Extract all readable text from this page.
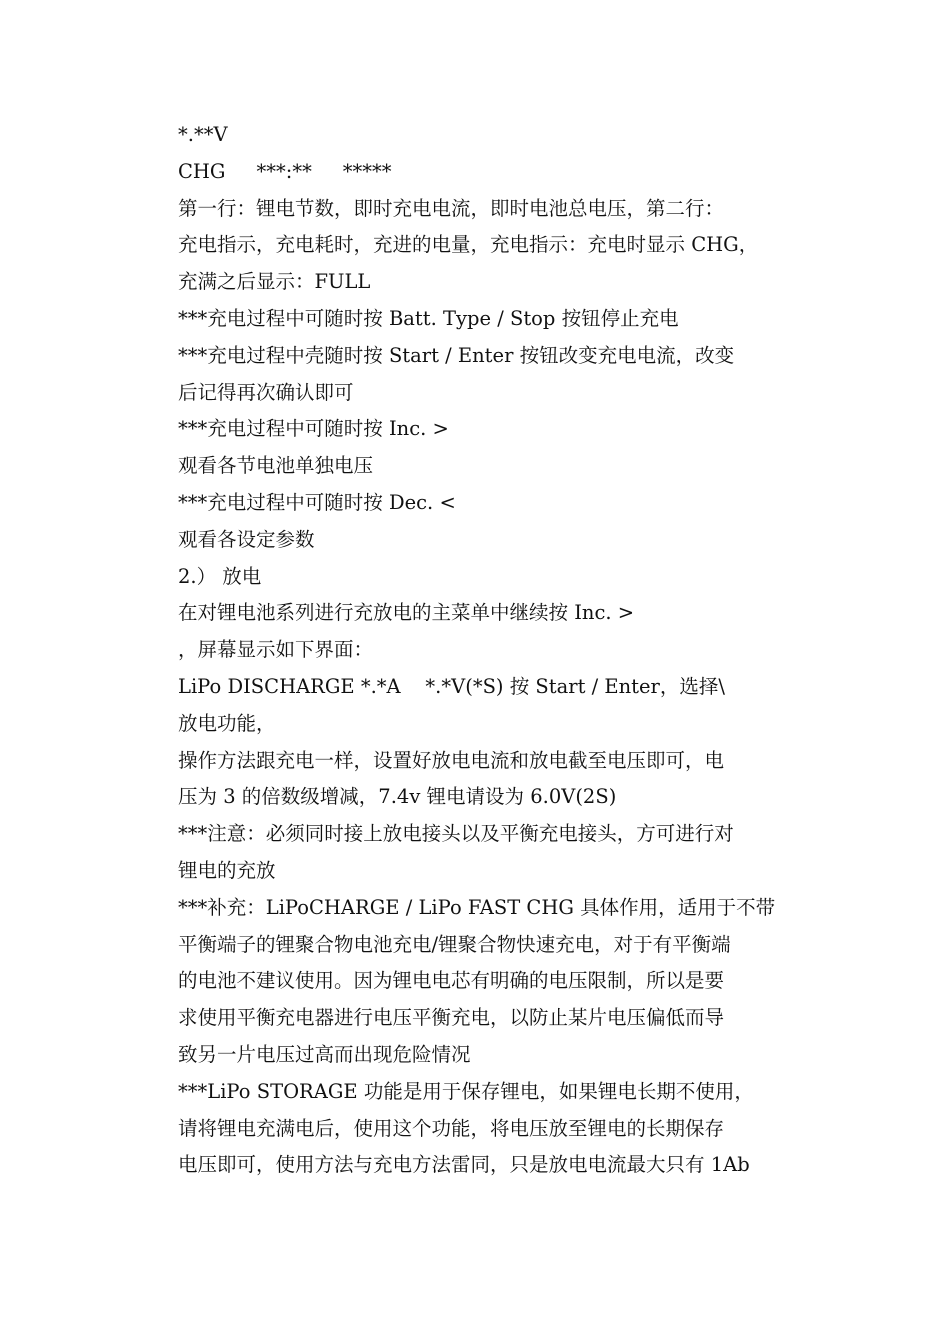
*.**V
CHG     ***:**     *****
第一行：锂电节数，即时充电电流，即时电池总电压，第二行：
充电指示，充电耗时，充进的电量，充电指示：充电时显示 CHG，
充满之后显示：FULL
***充电过程中可随时按 Batt. Type / Stop 按钮停止充电
***充电过程中壳随时按 Start / Enter 按钮改变充电电流，改变
后记得再次确认即可
***充电过程中可随时按 Inc. >
观看各节电池单独电压
***充电过程中可随时按 Dec. <
观看各设定参数
2.） 放电
在对锂电池系列进行充放电的主菜单中继续按 Inc. >
，屏幕显示如下界面：
LiPo DISCHARGE *.*A    *.*V(*S) 按 Start / Enter，选择\
放电功能，
操作方法跟充电一样，设置好放电电流和放电截至电压即可，电
压为 3 的倍数级增减，7.4v 锂电请设为 6.0V(2S)
***注意：必须同时接上放电接头以及平衡充电接头，方可进行对
锂电的充放
***补充：LiPoCHARGE / LiPo FAST CHG 具体作用，适用于不带
平衡端子的锂聚合物电池充电/锂聚合物快速充电，对于有平衡端
的电池不建议使用。因为锂电电芯有明确的电压限制，所以是要
求使用平衡充电器进行电压平衡充电，以防止某片电压偏低而导
致另一片电压过高而出现危险情况
***LiPo STORAGE 功能是用于保存锂电，如果锂电长期不使用，
请将锂电充满电后，使用这个功能，将电压放至锂电的长期保存
电压即可，使用方法与充电方法雷同，只是放电电流最大只有 1Ab
